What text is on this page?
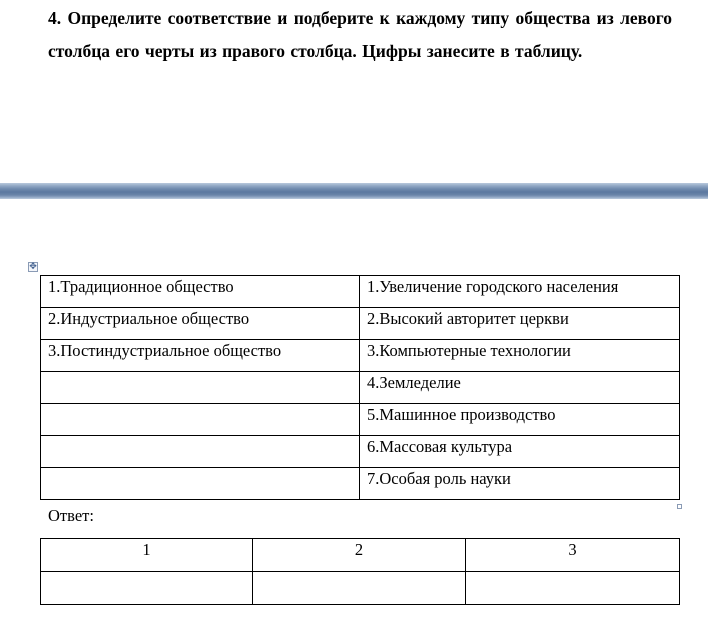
4. Определите соответствие и подберите к каждому типу общества из левого столбца его черты из правого столбца. Цифры занесите в таблицу.

✥
1.Традиционное общество	1.Увеличение городского населения
2.Индустриальное общество	2.Высокий авторитет церкви
3.Постиндустриальное общество	3.Компьютерные технологии
	4.Земледелие
	5.Машинное производство
	6.Массовая культура
	7.Особая роль науки

Ответ:

1	2	3
